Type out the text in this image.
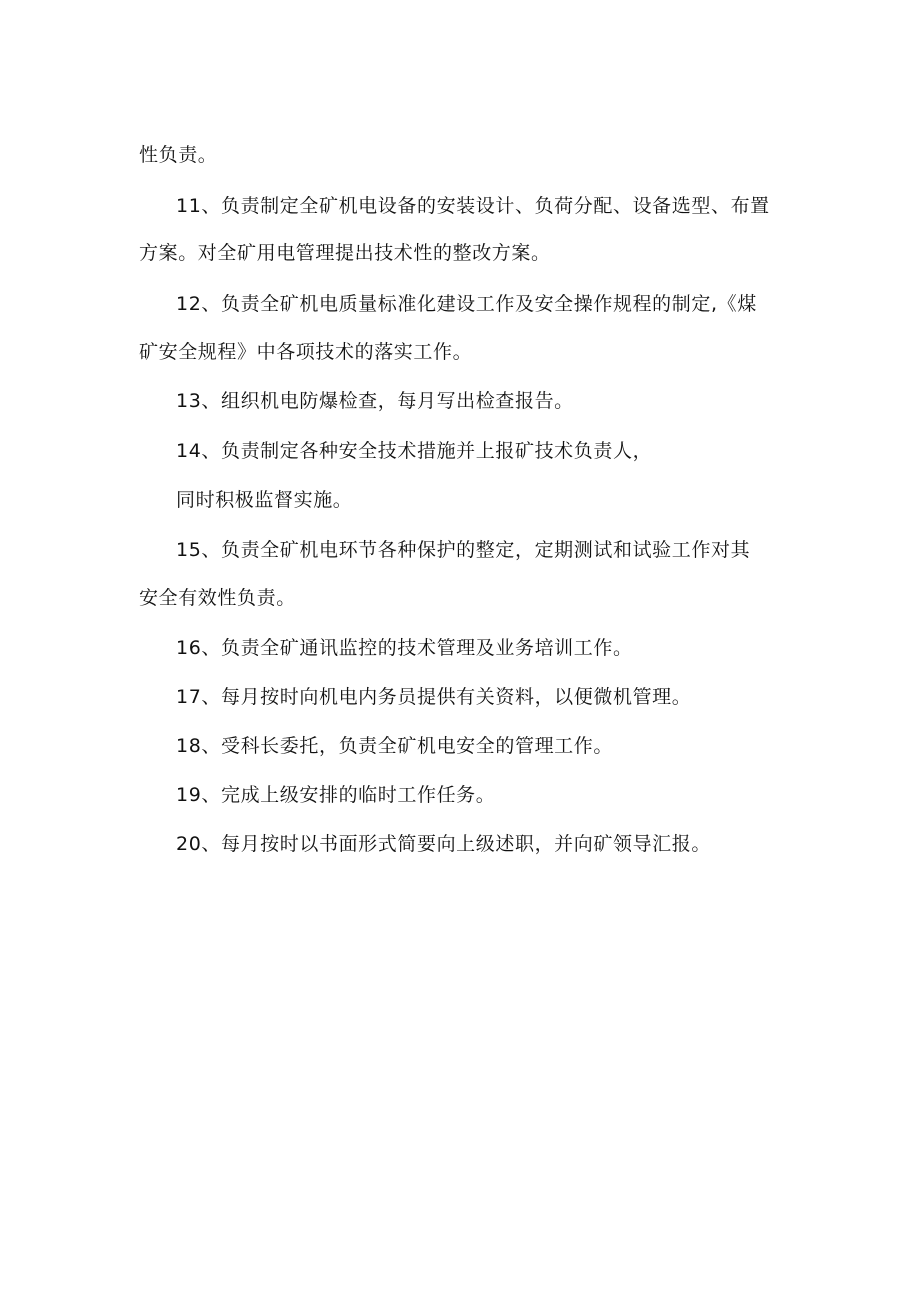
性负责。
11、负责制定全矿机电设备的安装设计、负荷分配、设备选型、布置
方案。对全矿用电管理提出技术性的整改方案。
12、负责全矿机电质量标准化建设工作及安全操作规程的制定,《煤
矿安全规程》中各项技术的落实工作。
13、组织机电防爆检查，每月写出检查报告。
14、负责制定各种安全技术措施并上报矿技术负责人，
同时积极监督实施。
15、负责全矿机电环节各种保护的整定，定期测试和试验工作对其
安全有效性负责。
16、负责全矿通讯监控的技术管理及业务培训工作。
17、每月按时向机电内务员提供有关资料，以便微机管理。
18、受科长委托，负责全矿机电安全的管理工作。
19、完成上级安排的临时工作任务。
20、每月按时以书面形式简要向上级述职，并向矿领导汇报。
